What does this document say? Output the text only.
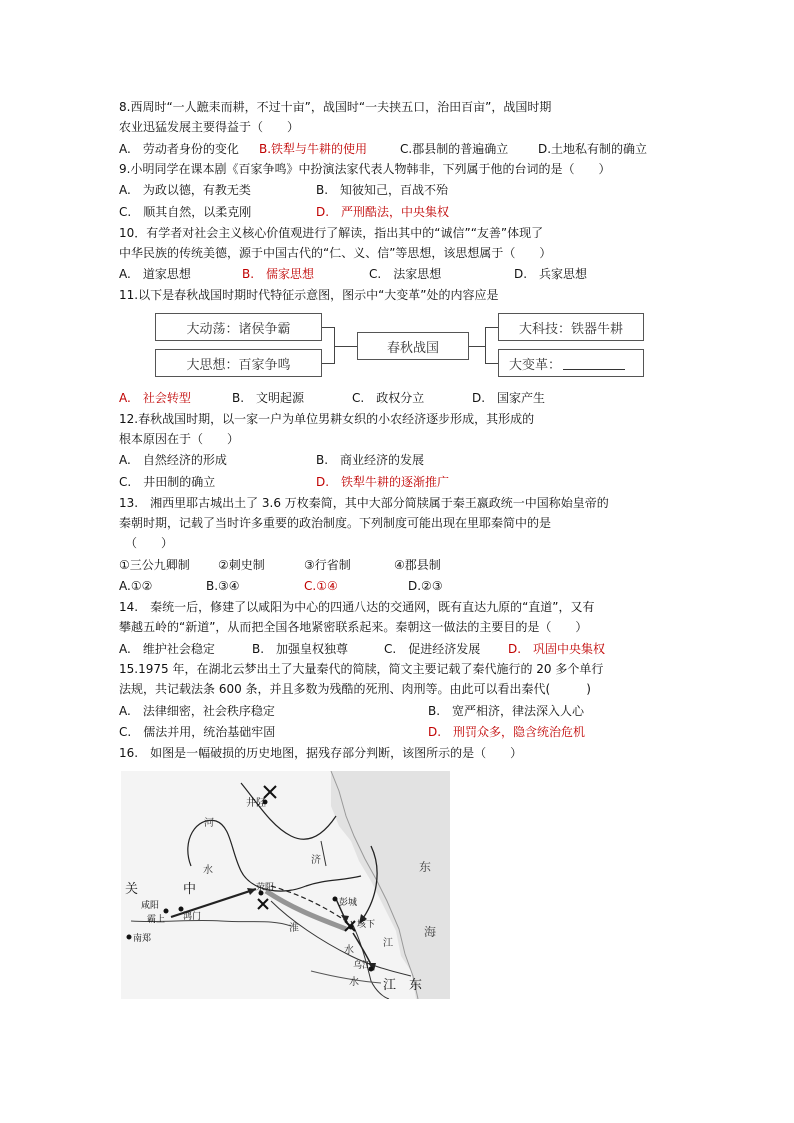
8.西周时“一人蹠耒而耕，不过十亩”，战国时“一夫挟五口，治田百亩”，战国时期
农业迅猛发展主要得益于（　　）
A.　劳动者身份的变化 B.铁犁与牛耕的使用	C.郡县制的普遍确立 D.土地私有制的确立
9.小明同学在课本剧《百家争鸣》中扮演法家代表人物韩非，下列属于他的台词的是（　　）
A.　为政以德，有教无类	B.　知彼知己，百战不殆
C.　顺其自然，以柔克刚	D.　严刑酷法，中央集权
10．有学者对社会主义核心价值观进行了解读，指出其中的“诚信”“友善”体现了
中华民族的传统美德，源于中国古代的“仁、义、信”等思想，该思想属于（　　）
A.　道家思想	B.　儒家思想	C.　法家思想	D.　兵家思想
11.以下是春秋战国时期时代特征示意图，图示中“大变革”处的内容应是
大动荡：诸侯争霸
大思想：百家争鸣
春秋战国
大科技：铁器牛耕
大变革：
A.　社会转型	B.　文明起源	C.　政权分立	D.　国家产生
12.春秋战国时期，以一家一户为单位男耕女织的小农经济逐步形成，其形成的
根本原因在于（　　）
A.　自然经济的形成	B.　商业经济的发展
C.　井田制的确立	D.　铁犁牛耕的逐渐推广
13.　湘西里耶古城出土了 3.6 万枚秦简，其中大部分简牍属于秦王嬴政统一中国称始皇帝的
秦朝时期，记载了当时许多重要的政治制度。下列制度可能出现在里耶秦简中的是
　（　　）
①三公九卿制 ②刺史制	③行省制	④郡县制
A.①②	B.③④	C.①④	D.②③
14.　秦统一后，修建了以咸阳为中心的四通八达的交通网，既有直达九原的“直道”，又有
攀越五岭的“新道”，从而把全国各地紧密联系起来。秦朝这一做法的主要目的是（　　）
A.　维护社会稳定	B.　加强皇权独尊	C.　促进经济发展 D.　巩固中央集权
15.1975 年，在湖北云梦出土了大量秦代的简牍，简文主要记载了秦代施行的 20 多个单行
法规，共记载法条 600 条，并且多数为残酷的死刑、肉刑等。由此可以看出秦代(　　　)
A.　法律细密，社会秩序稳定	B.　宽严相济，律法深入人心
C.　儒法并用，统治基础牢固	D.　刑罚众多，隐含统治危机
16.　如图是一幅破损的历史地图，据残存部分判断，该图所示的是（　　）
井陉
河
水
关	中
咸阳
霸上 鸿门
南郑
荥阳
济
彭城
垓下
东
海
江
水
水
淮
乌江
江　东
